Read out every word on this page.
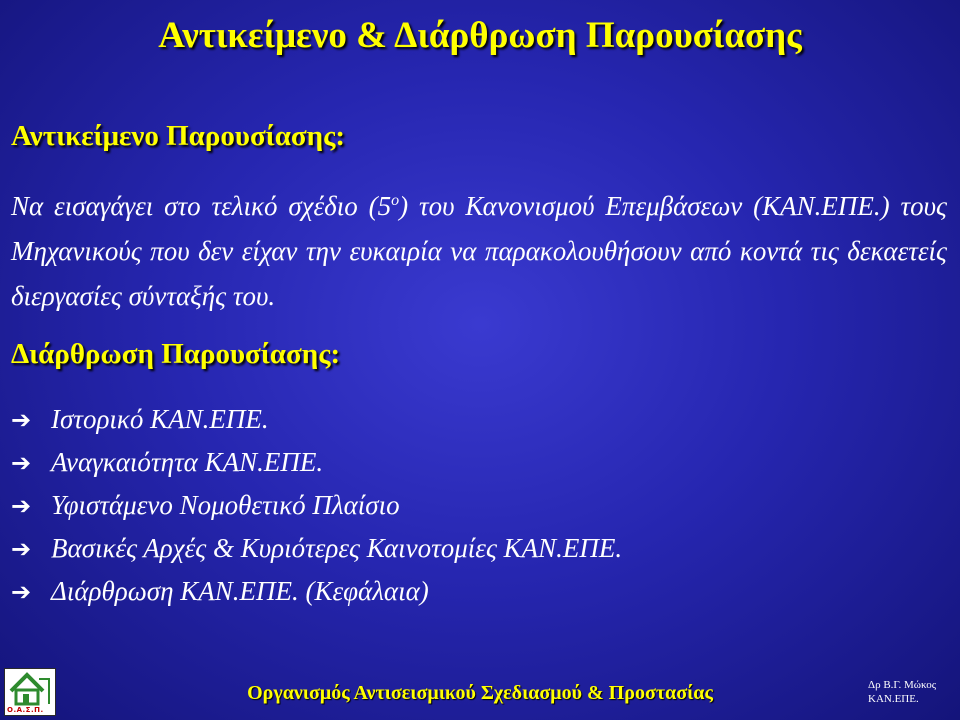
Αντικείμενο & Διάρθρωση Παρουσίασης
Αντικείμενο Παρουσίασης:

Να εισαγάγει στο τελικό σχέδιο $(5^o)$ του Κανονισμού Επεμβάσεων (ΚΑΝ.ΕΠΕ.) τους Μηχανικούς που δεν είχαν την ευκαιρία να παρακολουθήσουν από κοντά τις δεκαετείς διεργασίες σύνταξής του.

Διάρθρωση Παρουσίασης:
➔ Ιστορικό ΚΑΝ.ΕΠΕ.
➔ Αναγκαιότητα ΚΑΝ.ΕΠΕ.
➔ Υφιστάμενο Νομοθετικό Πλαίσιο
➔ Βασικές Αρχές & Κυριότερες Καινοτομίες ΚΑΝ.ΕΠΕ.
➔ Διάρθρωση ΚΑΝ.ΕΠΕ. (Κεφάλαια)
Ο.Α.Σ.Π.
Οργανισμός Αντισεισμικού Σχεδιασμού & Προστασίας	Δρ Β.Γ. Μώκος
ΚΑΝ.ΕΠΕ.
